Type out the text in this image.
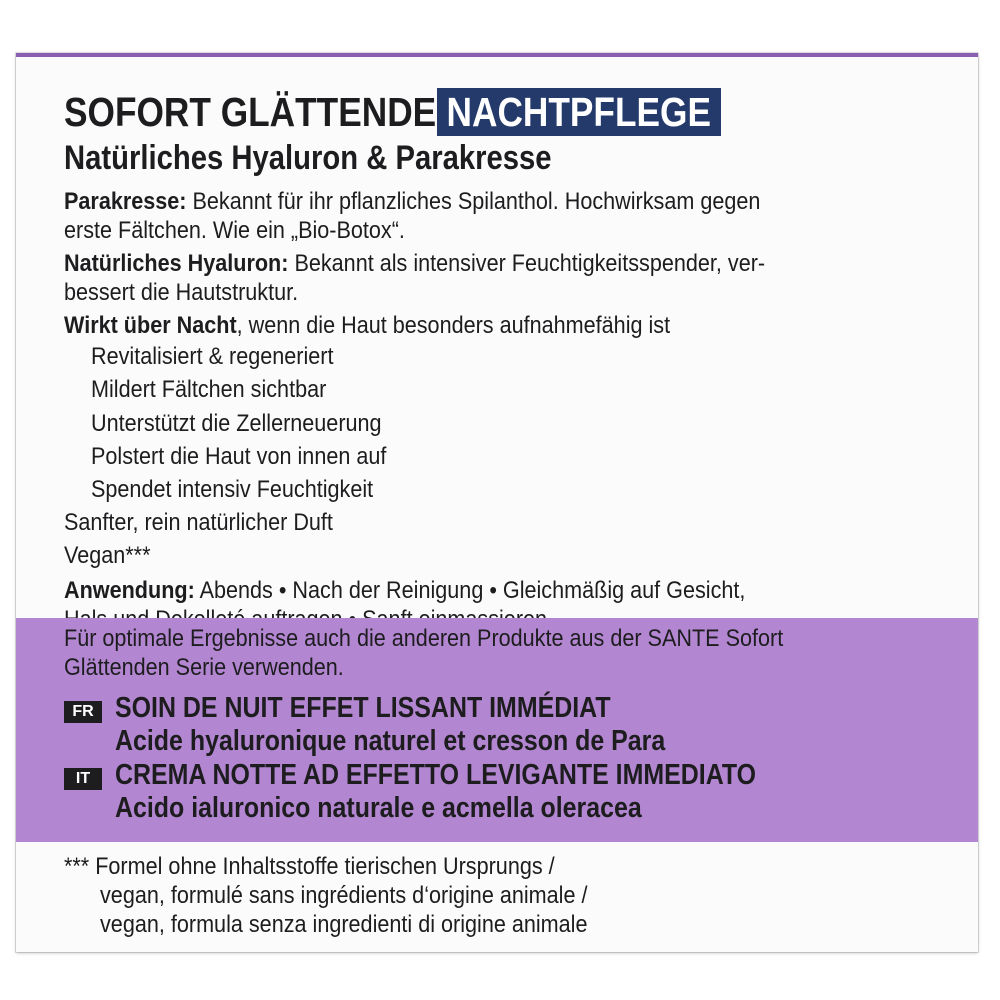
SOFORT GLÄTTENDE NACHTPFLEGE
Natürliches Hyaluron & Parakresse
Parakresse: Bekannt für ihr pflanzliches Spilanthol. Hochwirksam gegen
erste Fältchen. Wie ein „Bio-Botox“.
Natürliches Hyaluron: Bekannt als intensiver Feuchtigkeitsspender, ver-
bessert die Hautstruktur.
Wirkt über Nacht, wenn die Haut besonders aufnahmefähig ist
Revitalisiert & regeneriert
Mildert Fältchen sichtbar
Unterstützt die Zellerneuerung
Polstert die Haut von innen auf
Spendet intensiv Feuchtigkeit
Sanfter, rein natürlicher Duft
Vegan***
Anwendung: Abends • Nach der Reinigung • Gleichmäßig auf Gesicht,
Für optimale Ergebnisse auch die anderen Produkte aus der SANTE Sofort
Glättenden Serie verwenden.
FR SOIN DE NUIT EFFET LISSANT IMMÉDIAT
Acide hyaluronique naturel et cresson de Para
IT CREMA NOTTE AD EFFETTO LEVIGANTE IMMEDIATO
Acido ialuronico naturale e acmella oleracea
*** Formel ohne Inhaltsstoffe tierischen Ursprungs /
vegan, formulé sans ingrédients d‘origine animale /
vegan, formula senza ingredienti di origine animale
